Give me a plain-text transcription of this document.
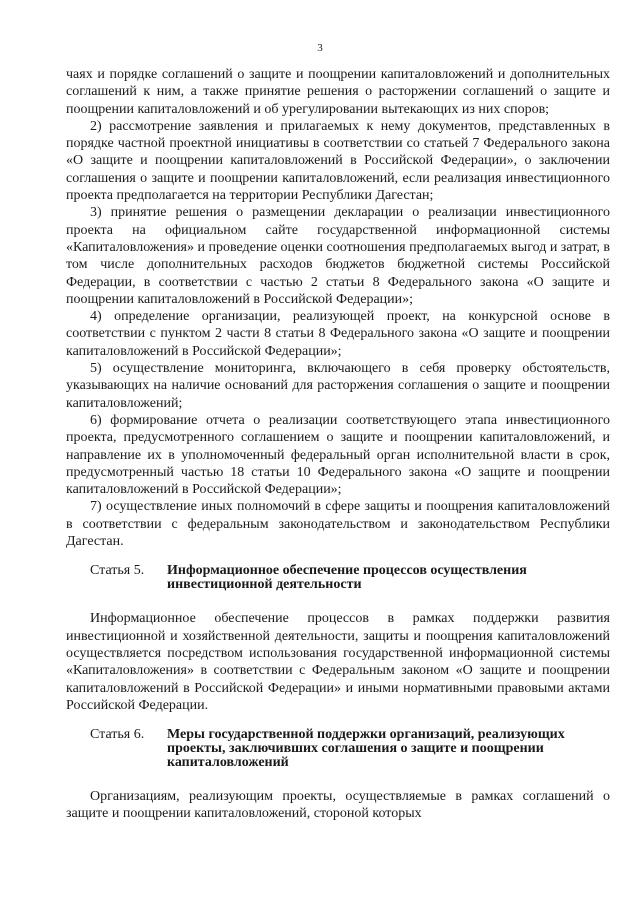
3

чаях и порядке соглашений о защите и поощрении капиталовложений и дополнительных соглашений к ним, а также принятие решения о расторжении соглашений о защите и поощрении капиталовложений и об урегулировании вытекающих из них споров;

2) рассмотрение заявления и прилагаемых к нему документов, представленных в порядке частной проектной инициативы в соответствии со статьей 7 Федерального закона «О защите и поощрении капиталовложений в Российской Федерации», о заключении соглашения о защите и поощрении капиталовложений, если реализация инвестиционного проекта предполагается на территории Республики Дагестан;

3) принятие решения о размещении декларации о реализации инвестиционного проекта на официальном сайте государственной информационной системы «Капиталовложения» и проведение оценки соотношения предполагаемых выгод и затрат, в том числе дополнительных расходов бюджетов бюджетной системы Российской Федерации, в соответствии с частью 2 статьи 8 Федерального закона «О защите и поощрении капиталовложений в Российской Федерации»;

4) определение организации, реализующей проект, на конкурсной основе в соответствии с пунктом 2 части 8 статьи 8 Федерального закона «О защите и поощрении капиталовложений в Российской Федерации»;

5) осуществление мониторинга, включающего в себя проверку обстоятельств, указывающих на наличие оснований для расторжения соглашения о защите и поощрении капиталовложений;

6) формирование отчета о реализации соответствующего этапа инвестиционного проекта, предусмотренного соглашением о защите и поощрении капиталовложений, и направление их в уполномоченный федеральный орган исполнительной власти в срок, предусмотренный частью 18 статьи 10 Федерального закона «О защите и поощрении капиталовложений в Российской Федерации»;

7) осуществление иных полномочий в сфере защиты и поощрения капиталовложений в соответствии с федеральным законодательством и законодательством Республики Дагестан.

Статья 5.	Информационное обеспечение процессов осуществления инвестиционной деятельности

Информационное обеспечение процессов в рамках поддержки развития инвестиционной и хозяйственной деятельности, защиты и поощрения капиталовложений осуществляется посредством использования государственной информационной системы «Капиталовложения» в соответствии с Федеральным законом «О защите и поощрении капиталовложений в Российской Федерации» и иными нормативными правовыми актами Российской Федерации.

Статья 6.	Меры государственной поддержки организаций, реализующих проекты, заключивших соглашения о защите и поощрении капиталовложений

Организациям, реализующим проекты, осуществляемые в рамках соглашений о защите и поощрении капиталовложений, стороной которых
